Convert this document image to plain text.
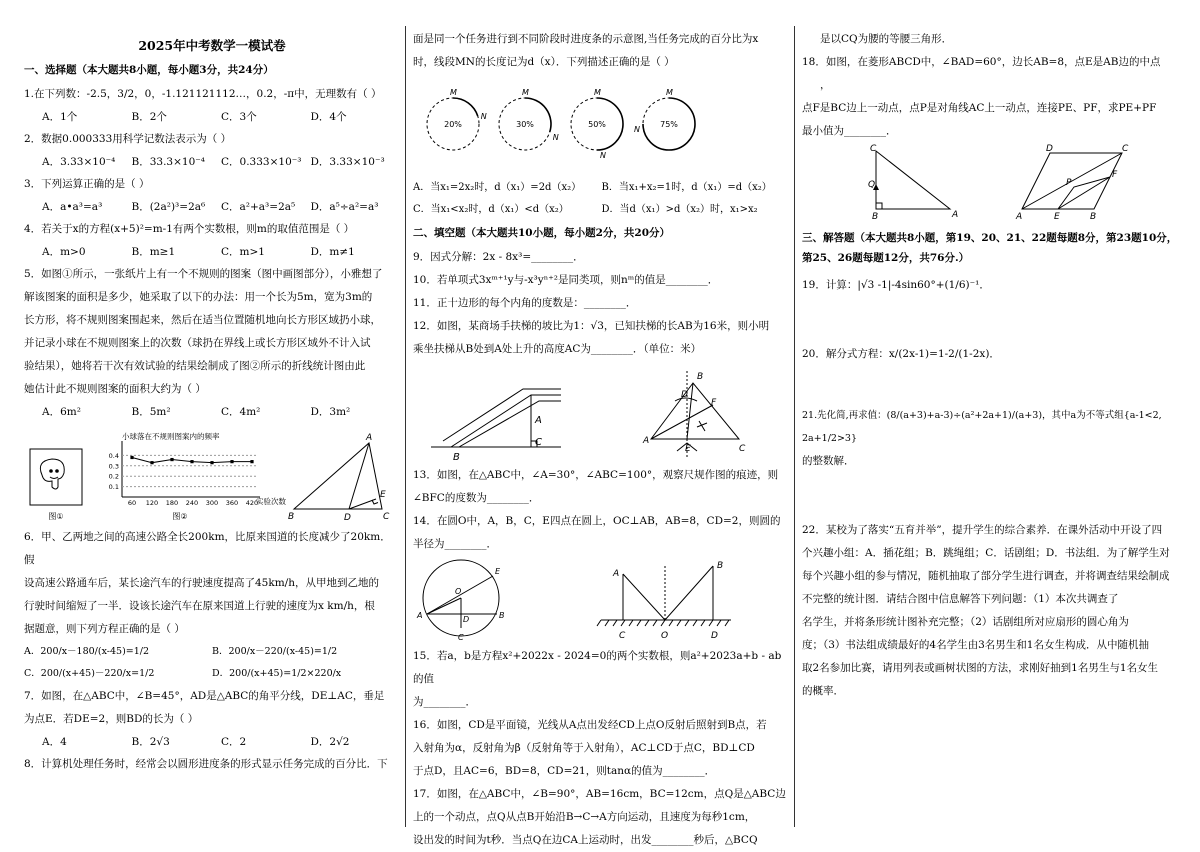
2025年中考数学一模试卷
一、选择题（本大题共8小题，每小题3分，共24分）
1.在下列数：-2.5，3/2，0，-1.121121112…，0.2̇，-π中，无理数有（ ）
A．1个	B．2个	C．3个	D．4个
2．数据0.000333用科学记数法表示为（ ）
A．3.33×10⁻⁴	B．33.3×10⁻⁴	C．0.333×10⁻³ D．3.33×10⁻³
3．下列运算正确的是（ ）
A．a•a³=a³	B．(2a²)³=2a⁶	C．a²+a³=2a⁵	D．a⁵÷a²=a³
4．若关于x的方程(x+5)²=m-1有两个实数根，则m的取值范围是（ ）
A．m>0	B．m≥1	C．m>1	D．m≠1
5．如图①所示，一张纸片上有一个不规则的图案（图中画图部分），小雅想了
解该图案的面积是多少，她采取了以下的办法：用一个长为5m，宽为3m的
长方形，将不规则图案围起来，然后在适当位置随机地向长方形区域扔小球，
并记录小球在不规则图案上的次数（球扔在界线上或长方形区域外不计入试
验结果），她将若干次有效试验的结果绘制成了图②所示的折线统计图由此
她估计此不规则图案的面积大约为（ ）
A．6m²	B．5m²	C．4m²	D．3m²
图①
0.1
0.2
0.3
0.4
60 120 180 240 300 360 420
小球落在不规则图案内的频率
实验次数
图②
A
B	C
D
E
6．甲、乙两地之间的高速公路全长200km，比原来国道的长度减少了20km．假
设高速公路通车后，某长途汽车的行驶速度提高了45km/h，从甲地到乙地的
行驶时间缩短了一半．设该长途汽车在原来国道上行驶的速度为x km/h，根
据题意，则下列方程正确的是（ ）
A．200/x－180/(x-45)=1/2	B．200/x－220/(x-45)=1/2
C．200/(x+45)－220/x=1/2	D．200/(x+45)=1/2×220/x
7．如图，在△ABC中，∠B=45°，AD是△ABC的角平分线，DE⊥AC，垂足
为点E．若DE=2，则BD的长为（ ）
A．4	B．2√3	C．2	D．2√2
8．计算机处理任务时，经常会以圆形进度条的形式显示任务完成的百分比．下
面是同一个任务进行到不同阶段时进度条的示意图,当任务完成的百分比为x
时，线段MN的长度记为d（x）．下列描述正确的是（ ）
20%
M
N
30%
M
N
50%
M
N
75%
M
N
A．当x₁=2x₂时，d（x₁）=2d（x₂）	B．当x₁+x₂=1时，d（x₁）=d（x₂）
C．当x₁<x₂时，d（x₁）<d（x₂）	D．当d（x₁）>d（x₂）时，x₁>x₂
二、填空题（本大题共10小题，每小题2分，共20分）
9．因式分解：2x - 8x³=________．
10．若单项式3xᵐ⁺¹y与-x³yⁿ⁺²是同类项，则nᵐ的值是________．
11．正十边形的每个内角的度数是：________．
12．如图，某商场手扶梯的坡比为1：√3，已知扶梯的长AB为16米，则小明
乘坐扶梯从B处到A处上升的高度AC为________．（单位：米）
A
B
C	A
B
C
D
E
F
13．如图，在△ABC中，∠A=30°，∠ABC=100°，观察尺规作图的痕迹，则
∠BFC的度数为________．
14．在圆O中，A，B，C，E四点在圆上，OC⊥AB，AB=8，CD=2，则圆的
半径为________．
O
A	B
C
E
D
A
B
C	O	D
15．若a，b是方程x²+2022x - 2024=0的两个实数根，则a²+2023a+b - ab的值
为________．
16．如图，CD是平面镜，光线从A点出发经CD上点O反射后照射到B点，若
入射角为α，反射角为β（反射角等于入射角），AC⊥CD于点C，BD⊥CD
于点D，且AC=6，BD=8，CD=21，则tanα的值为________．
17．如图，在△ABC中，∠B=90°，AB=16cm，BC=12cm，点Q是△ABC边
上的一个动点，点Q从点B开始沿B→C→A方向运动，且速度为每秒1cm，
设出发的时间为t秒．当点Q在边CA上运动时，出发________秒后，△BCQ
是以CQ为腰的等腰三角形．
18．如图，在菱形ABCD中，∠BAD=60°，边长AB=8，点E是AB边的中点
，
点F是BC边上一动点，点P是对角线AC上一动点，连接PE、PF，求PE+PF
最小值为________．
C
Q
B	A	A	E	B
D	C
F
P
三、解答题（本大题共8小题，第19、20、21、22题每题8分，第23题10分，第25、26题每题12分，共76分.）
19．计算：|√3 -1|-4sin60°+(1/6)⁻¹．
20．解分式方程：x/(2x-1)=1-2/(1-2x)．
21.先化简,再求值：(8/(a+3)+a-3)÷(a²+2a+1)/(a+3)，其中a为不等式组{a-1<2, 2a+1/2>3}
的整数解．
22．某校为了落实“五育并举”，提升学生的综合素养．在课外活动中开设了四
个兴趣小组：A．插花组；B．跳绳组；C．话剧组；D．书法组．为了解学生对
每个兴趣小组的参与情况，随机抽取了部分学生进行调查，并将调查结果绘制成
不完整的统计图．请结合图中信息解答下列问题：（1）本次共调查了
名学生，并将条形统计图补充完整；（2）话剧组所对应扇形的圆心角为
度；（3）书法组成绩最好的4名学生由3名男生和1名女生构成．从中随机抽
取2名参加比赛，请用列表或画树状图的方法，求刚好抽到1名男生与1名女生
的概率．
